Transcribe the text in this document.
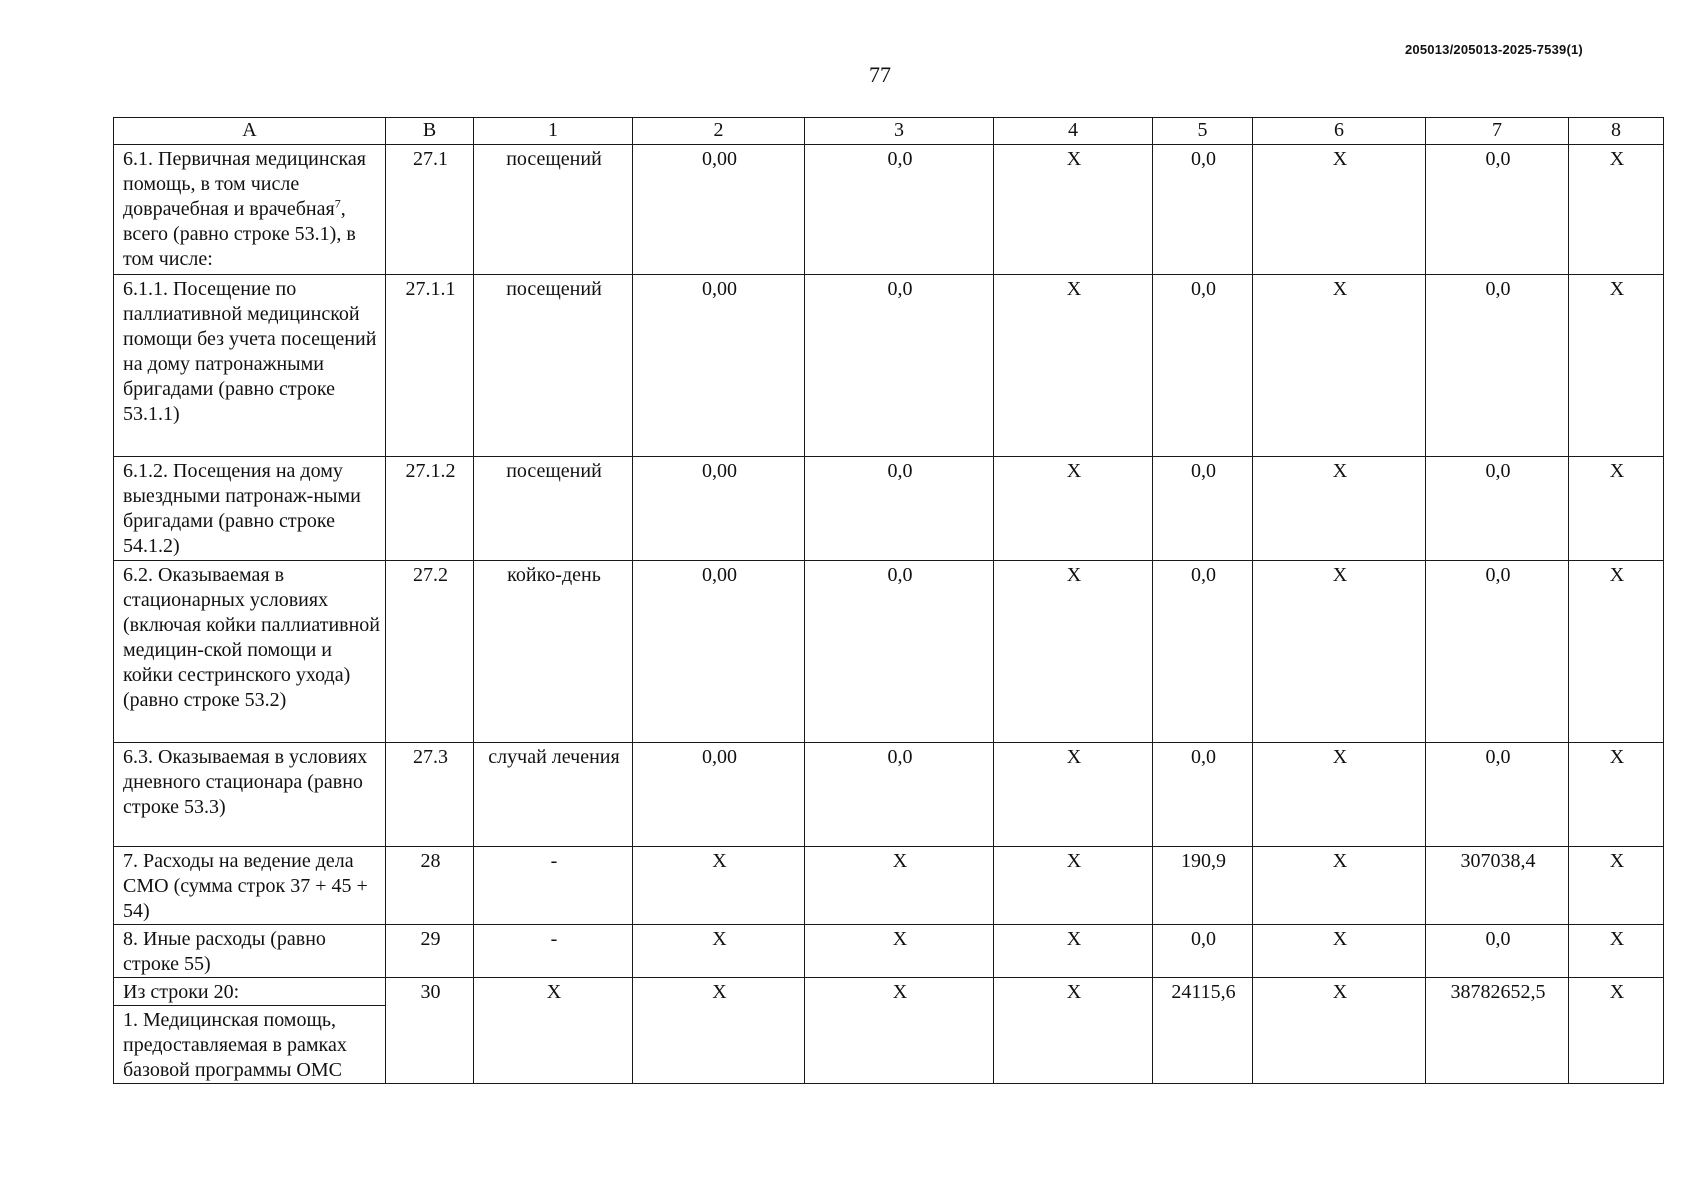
205013/205013-2025-7539(1)
77
А	В	1	2	3	4	5	6	7	8
6.1. Первичная медицинская помощь, в том числе доврачебная и врачебная$^7$, всего (равно строке 53.1), в том числе:	27.1	посещений	0,00	0,0	X	0,0	X	0,0	X
6.1.1. Посещение по паллиативной медицинской помощи без учета посещений на дому патронажными бригадами (равно строке 53.1.1)	27.1.1	посещений	0,00	0,0	X	0,0	X	0,0	X
6.1.2. Посещения на дому выездными патронаж-ными бригадами (равно строке 54.1.2)	27.1.2	посещений	0,00	0,0	X	0,0	X	0,0	X
6.2. Оказываемая в стационарных условиях (включая койки паллиативной медицин-ской помощи и койки сестринского ухода) (равно строке 53.2)	27.2	койко-день	0,00	0,0	X	0,0	X	0,0	X
6.3. Оказываемая в условиях дневного стационара (равно строке 53.3)	27.3	случай лечения	0,00	0,0	X	0,0	X	0,0	X
7. Расходы на ведение дела СМО (сумма строк 37 + 45 + 54)	28	-	X	X	X	190,9	X	307038,4	X
8. Иные расходы (равно строке 55)	29	-	X	X	X	0,0	X	0,0	X

Из строки 20:
1. Медицинская помощь, предоставляемая в рамках базовой программы ОМС	30	X	X	X	X	24115,6	X	38782652,5	X
